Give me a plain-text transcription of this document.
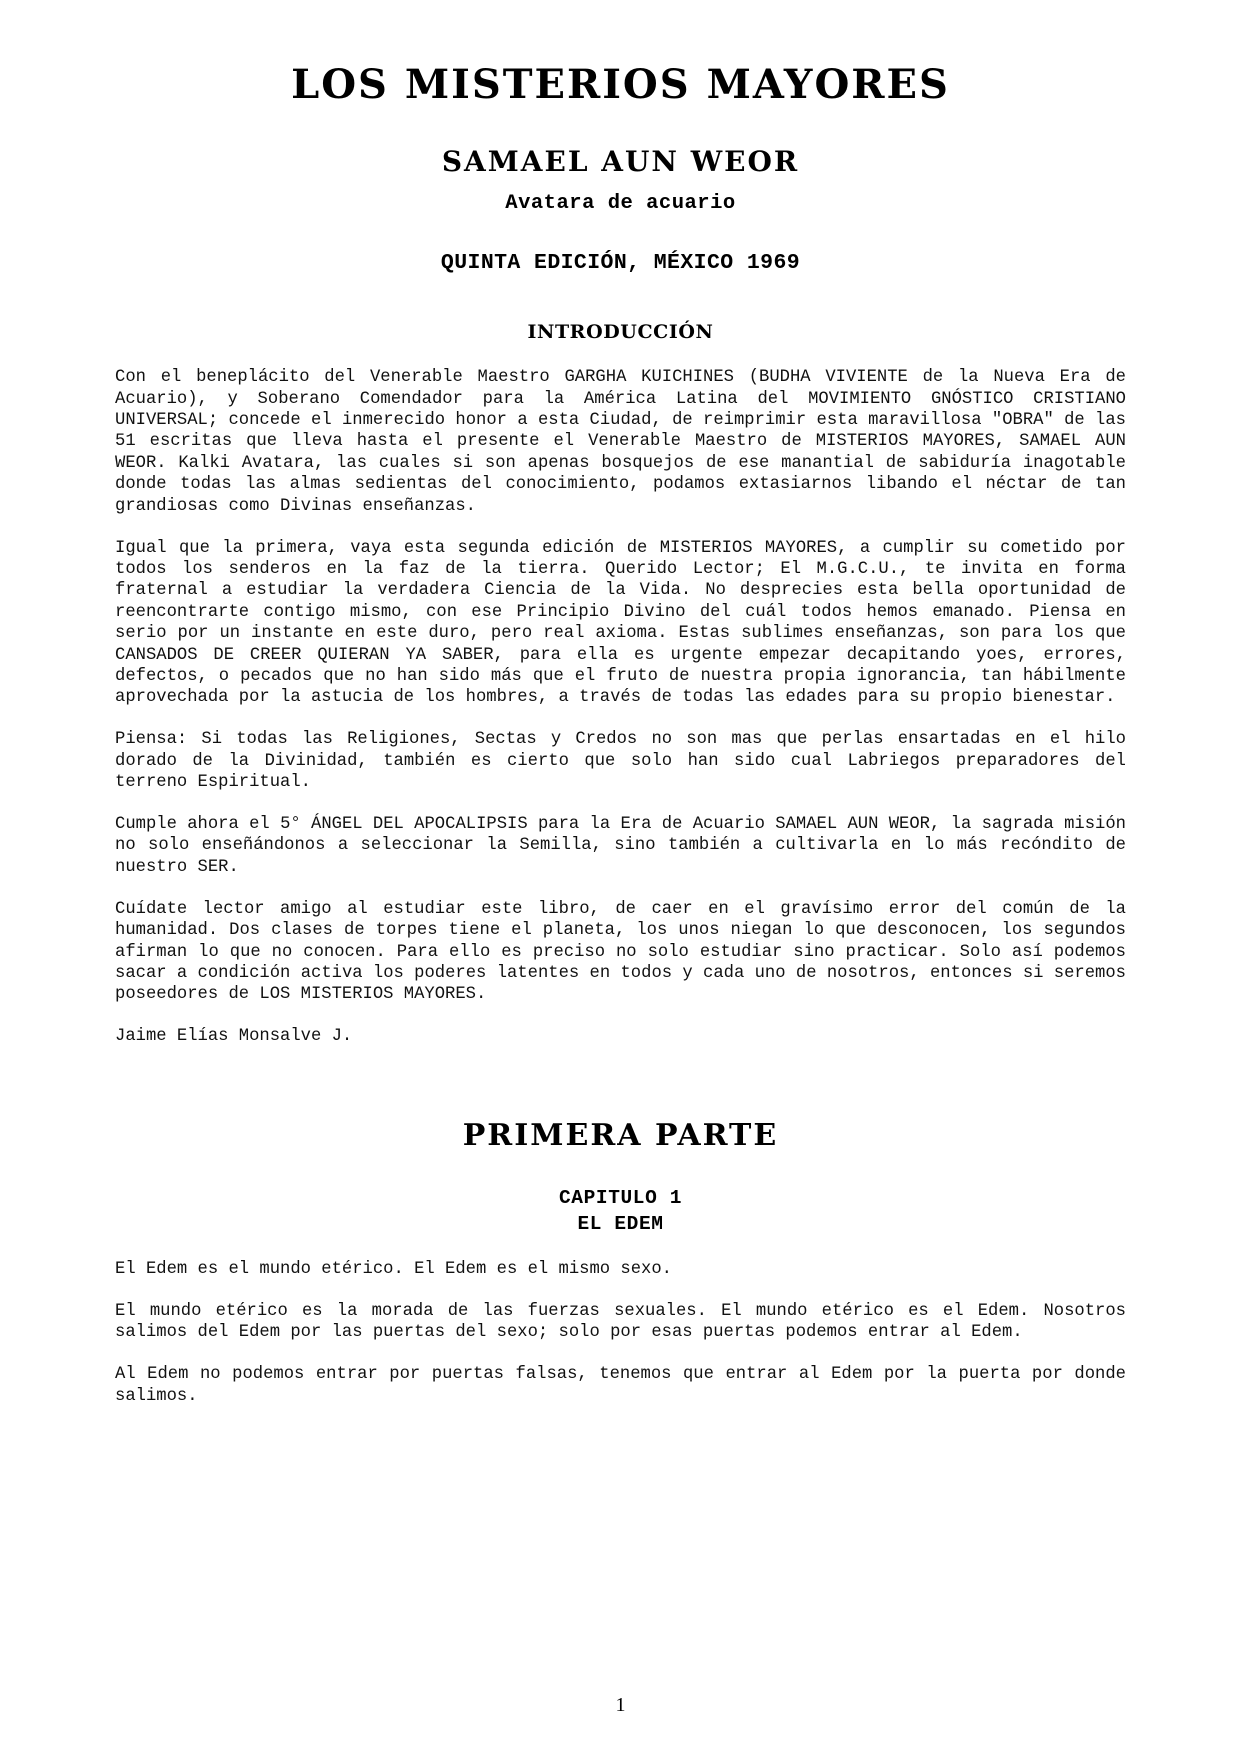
LOS MISTERIOS MAYORES
SAMAEL AUN WEOR
Avatara de acuario
QUINTA EDICIÓN, MÉXICO 1969
INTRODUCCIÓN

Con el beneplácito del Venerable Maestro GARGHA KUICHINES (BUDHA VIVIENTE de la Nueva Era de Acuario), y Soberano Comendador para la América Latina del MOVIMIENTO GNÓSTICO CRISTIANO UNIVERSAL; concede el inmerecido honor a esta Ciudad, de reimprimir esta maravillosa "OBRA" de las 51 escritas que lleva hasta el presente el Venerable Maestro de MISTERIOS MAYORES, SAMAEL AUN WEOR. Kalki Avatara, las cuales si son apenas bosquejos de ese manantial de sabiduría inagotable donde todas las almas sedientas del conocimiento, podamos extasiarnos libando el néctar de tan grandiosas como Divinas enseñanzas.

Igual que la primera, vaya esta segunda edición de MISTERIOS MAYORES, a cumplir su cometido por todos los senderos en la faz de la tierra. Querido Lector; El M.G.C.U., te invita en forma fraternal a estudiar la verdadera Ciencia de la Vida. No desprecies esta bella oportunidad de reencontrarte contigo mismo, con ese Principio Divino del cuál todos hemos emanado. Piensa en serio por un instante en este duro, pero real axioma. Estas sublimes enseñanzas, son para los que CANSADOS DE CREER QUIERAN YA SABER, para ella es urgente empezar decapitando yoes, errores, defectos, o pecados que no han sido más que el fruto de nuestra propia ignorancia, tan hábilmente aprovechada por la astucia de los hombres, a través de todas las edades para su propio bienestar.

Piensa: Si todas las Religiones, Sectas y Credos no son mas que perlas ensartadas en el hilo dorado de la Divinidad, también es cierto que solo han sido cual Labriegos preparadores del terreno Espiritual.

Cumple ahora el 5° ÁNGEL DEL APOCALIPSIS para la Era de Acuario SAMAEL AUN WEOR, la sagrada misión no solo enseñándonos a seleccionar la Semilla, sino también a cultivarla en lo más recóndito de nuestro SER.

Cuídate lector amigo al estudiar este libro, de caer en el gravísimo error del común de la humanidad. Dos clases de torpes tiene el planeta, los unos niegan lo que desconocen, los segundos afirman lo que no conocen. Para ello es preciso no solo estudiar sino practicar. Solo así podemos sacar a condición activa los poderes latentes en todos y cada uno de nosotros, entonces si seremos poseedores de LOS MISTERIOS MAYORES.

Jaime Elías Monsalve J.

PRIMERA PARTE
CAPITULO 1
EL EDEM

El Edem es el mundo etérico. El Edem es el mismo sexo.

El mundo etérico es la morada de las fuerzas sexuales. El mundo etérico es el Edem. Nosotros salimos del Edem por las puertas del sexo; solo por esas puertas podemos entrar al Edem.

Al Edem no podemos entrar por puertas falsas, tenemos que entrar al Edem por la puerta por donde salimos.

1
